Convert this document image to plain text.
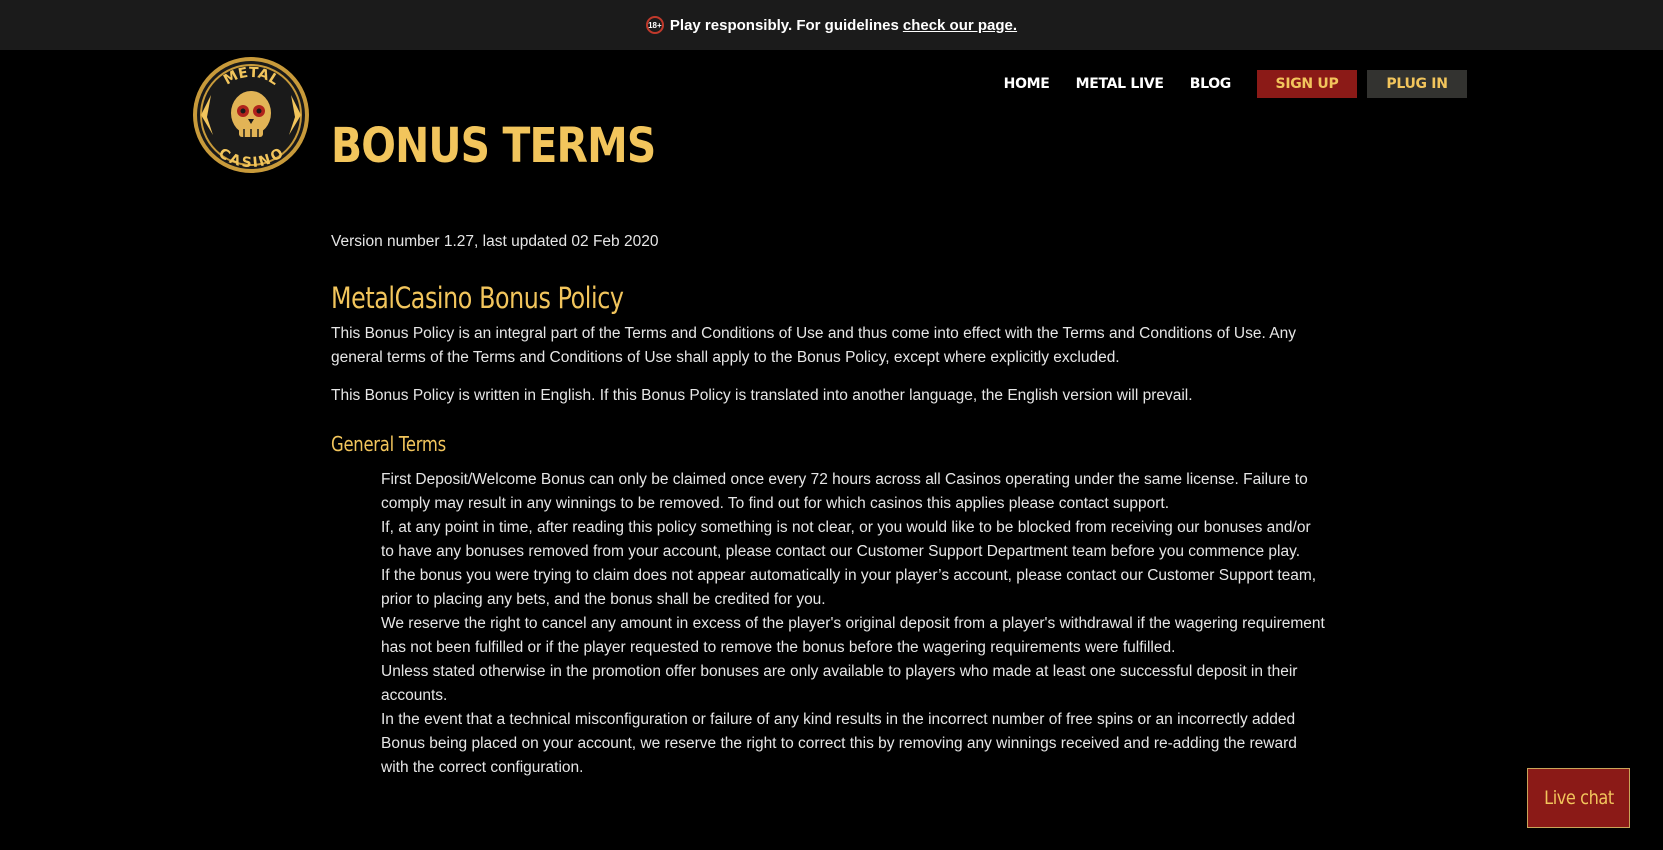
18+ Play responsibly. For guidelines check our page.
METAL
CASINO
HOME METAL LIVE BLOG	SIGN UP	PLUG IN
BONUS TERMS

Version number 1.27, last updated 02 Feb 2020

MetalCasino Bonus Policy

This Bonus Policy is an integral part of the Terms and Conditions of Use and thus come into effect with the Terms and Conditions of Use. Any general terms of the Terms and Conditions of Use shall apply to the Bonus Policy, except where explicitly excluded.

This Bonus Policy is written in English. If this Bonus Policy is translated into another language, the English version will prevail.

General Terms
First Deposit/Welcome Bonus can only be claimed once every 72 hours across all Casinos operating under the same license. Failure to comply may result in any winnings to be removed. To find out for which casinos this applies please contact support.
If, at any point in time, after reading this policy something is not clear, or you would like to be blocked from receiving our bonuses and/or to have any bonuses removed from your account, please contact our Customer Support Department team before you commence play.
If the bonus you were trying to claim does not appear automatically in your player’s account, please contact our Customer Support team, prior to placing any bets, and the bonus shall be credited for you.
We reserve the right to cancel any amount in excess of the player's original deposit from a player's withdrawal if the wagering requirement has not been fulfilled or if the player requested to remove the bonus before the wagering requirements were fulfilled.
Unless stated otherwise in the promotion offer bonuses are only available to players who made at least one successful deposit in their accounts.
In the event that a technical misconfiguration or failure of any kind results in the incorrect number of free spins or an incorrectly added Bonus being placed on your account, we reserve the right to correct this by removing any winnings received and re-adding the reward with the correct configuration.
Live chat
